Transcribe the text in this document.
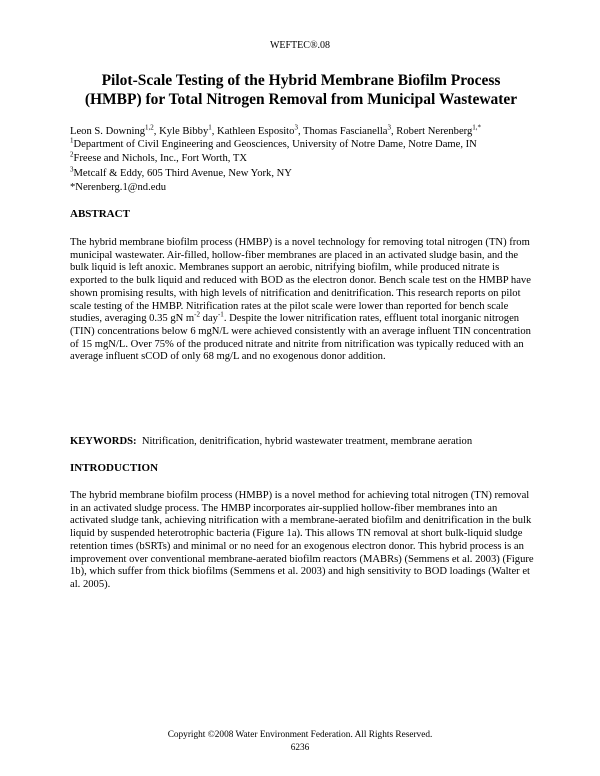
WEFTEC®.08
Pilot-Scale Testing of the Hybrid Membrane Biofilm Process
(HMBP) for Total Nitrogen Removal from Municipal Wastewater
Leon S. Downing$^{1,2}$, Kyle Bibby$^1$, Kathleen Esposito$^3$, Thomas Fascianella$^3$, Robert Nerenberg$^{1,*}$
$^1$Department of Civil Engineering and Geosciences, University of Notre Dame, Notre Dame, IN
$^2$Freese and Nichols, Inc., Fort Worth, TX
$^3$Metcalf & Eddy, 605 Third Avenue, New York, NY
*Nerenberg.1@nd.edu
ABSTRACT
The hybrid membrane biofilm process (HMBP) is a novel technology for removing total nitrogen (TN) from municipal wastewater. Air-filled, hollow-fiber membranes are placed in an activated sludge basin, and the bulk liquid is left anoxic. Membranes support an aerobic, nitrifying biofilm, while produced nitrate is exported to the bulk liquid and reduced with BOD as the electron donor. Bench scale test on the HMBP have shown promising results, with high levels of nitrification and denitrification. This research reports on pilot scale testing of the HMBP. Nitrification rates at the pilot scale were lower than reported for bench scale studies, averaging 0.35 gN $m^{-2}$ day$^{-1}$. Despite the lower nitrification rates, effluent total inorganic nitrogen (TIN) concentrations below 6 mgN/L were achieved consistently with an average influent TIN concentration of 15 mgN/L. Over 75% of the produced nitrate and nitrite from nitrification was typically reduced with an average influent sCOD of only 68 mg/L and no exogenous donor addition.
KEYWORDS:  Nitrification, denitrification, hybrid wastewater treatment, membrane aeration
INTRODUCTION
The hybrid membrane biofilm process (HMBP) is a novel method for achieving total nitrogen (TN) removal in an activated sludge process. The HMBP incorporates air-supplied hollow-fiber membranes into an activated sludge tank, achieving nitrification with a membrane-aerated biofilm and denitrification in the bulk liquid by suspended heterotrophic bacteria (Figure 1a). This allows TN removal at short bulk-liquid sludge retention times (bSRTs) and minimal or no need for an exogenous electron donor. This hybrid process is an improvement over conventional membrane-aerated biofilm reactors (MABRs) (Semmens et al. 2003) (Figure 1b), which suffer from thick biofilms (Semmens et al. 2003) and high sensitivity to BOD loadings (Walter et al. 2005).
Copyright ©2008 Water Environment Federation. All Rights Reserved.
6236
